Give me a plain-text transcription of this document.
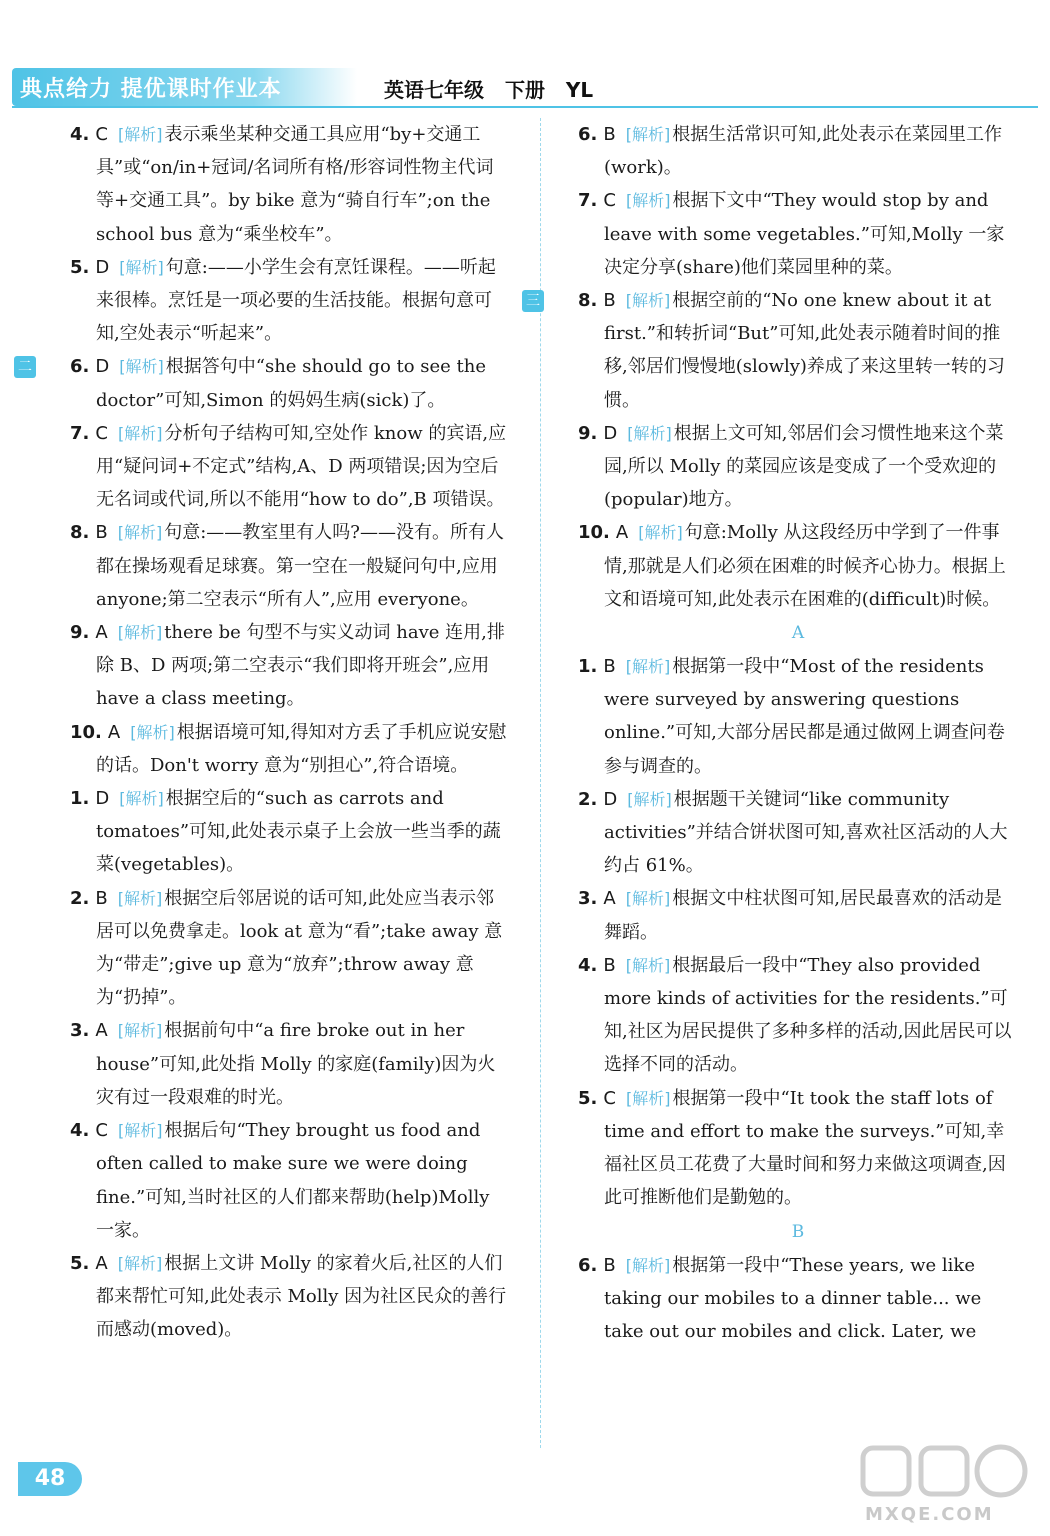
典点给力 提优课时作业本	英语七年级 下册 YL
4. C [解析] 表示乘坐某种交通工具应用“by+交通工具”或“on/in+冠词/名词所有格/形容词性物主代词等+交通工具”。by bike 意为“骑自行车”;on the school bus 意为“乘坐校车”。
5. D [解析] 句意:——小学生会有烹饪课程。——听起来很棒。烹饪是一项必要的生活技能。根据句意可知,空处表示“听起来”。
6. D [解析] 根据答句中“she should go to see the doctor”可知,Simon 的妈妈生病(sick)了。
7. C [解析] 分析句子结构可知,空处作 know 的宾语,应用“疑问词+不定式”结构,A、D 两项错误;因为空后无名词或代词,所以不能用“how to do”,B 项错误。
8. B [解析] 句意:——教室里有人吗?——没有。所有人都在操场观看足球赛。第一空在一般疑问句中,应用 anyone;第二空表示“所有人”,应用 everyone。
9. A [解析] there be 句型不与实义动词 have 连用,排除 B、D 两项;第二空表示“我们即将开班会”,应用 have a class meeting。
10. A [解析] 根据语境可知,得知对方丢了手机应说安慰的话。Don't worry 意为“别担心”,符合语境。
1. D [解析] 根据空后的“such as carrots and tomatoes”可知,此处表示桌子上会放一些当季的蔬菜(vegetables)。
2. B [解析] 根据空后邻居说的话可知,此处应当表示邻居可以免费拿走。look at 意为“看”;take away 意为“带走”;give up 意为“放弃”;throw away 意为“扔掉”。
3. A [解析] 根据前句中“a fire broke out in her house”可知,此处指 Molly 的家庭(family)因为火灾有过一段艰难的时光。
4. C [解析] 根据后句“They brought us food and often called to make sure we were doing fine.”可知,当时社区的人们都来帮助(help)Molly 一家。
5. A [解析] 根据上文讲 Molly 的家着火后,社区的人们都来帮忙可知,此处表示 Molly 因为社区民众的善行而感动(moved)。
二
6. B [解析] 根据生活常识可知,此处表示在菜园里工作(work)。
7. C [解析] 根据下文中“They would stop by and leave with some vegetables.”可知,Molly 一家决定分享(share)他们菜园里种的菜。
8. B [解析] 根据空前的“No one knew about it at first.”和转折词“But”可知,此处表示随着时间的推移,邻居们慢慢地(slowly)养成了来这里转一转的习惯。
9. D [解析] 根据上文可知,邻居们会习惯性地来这个菜园,所以 Molly 的菜园应该是变成了一个受欢迎的(popular)地方。
10. A [解析] 句意:Molly 从这段经历中学到了一件事情,那就是人们必须在困难的时候齐心协力。根据上文和语境可知,此处表示在困难的(difficult)时候。
A
三
1. B [解析] 根据第一段中“Most of the residents were surveyed by answering questions online.”可知,大部分居民都是通过做网上调查问卷参与调查的。
2. D [解析] 根据题干关键词“like community activities”并结合饼状图可知,喜欢社区活动的人大约占 61%。
3. A [解析] 根据文中柱状图可知,居民最喜欢的活动是舞蹈。
4. B [解析] 根据最后一段中“They also provided more kinds of activities for the residents.”可知,社区为居民提供了多种多样的活动,因此居民可以选择不同的活动。
5. C [解析] 根据第一段中“It took the staff lots of time and effort to make the surveys.”可知,幸福社区员工花费了大量时间和努力来做这项调查,因此可推断他们是勤勉的。
B
6. B [解析] 根据第一段中“These years, we like taking our mobiles to a dinner table... we take out our mobiles and click. Later, we
48
MXQE.COM
